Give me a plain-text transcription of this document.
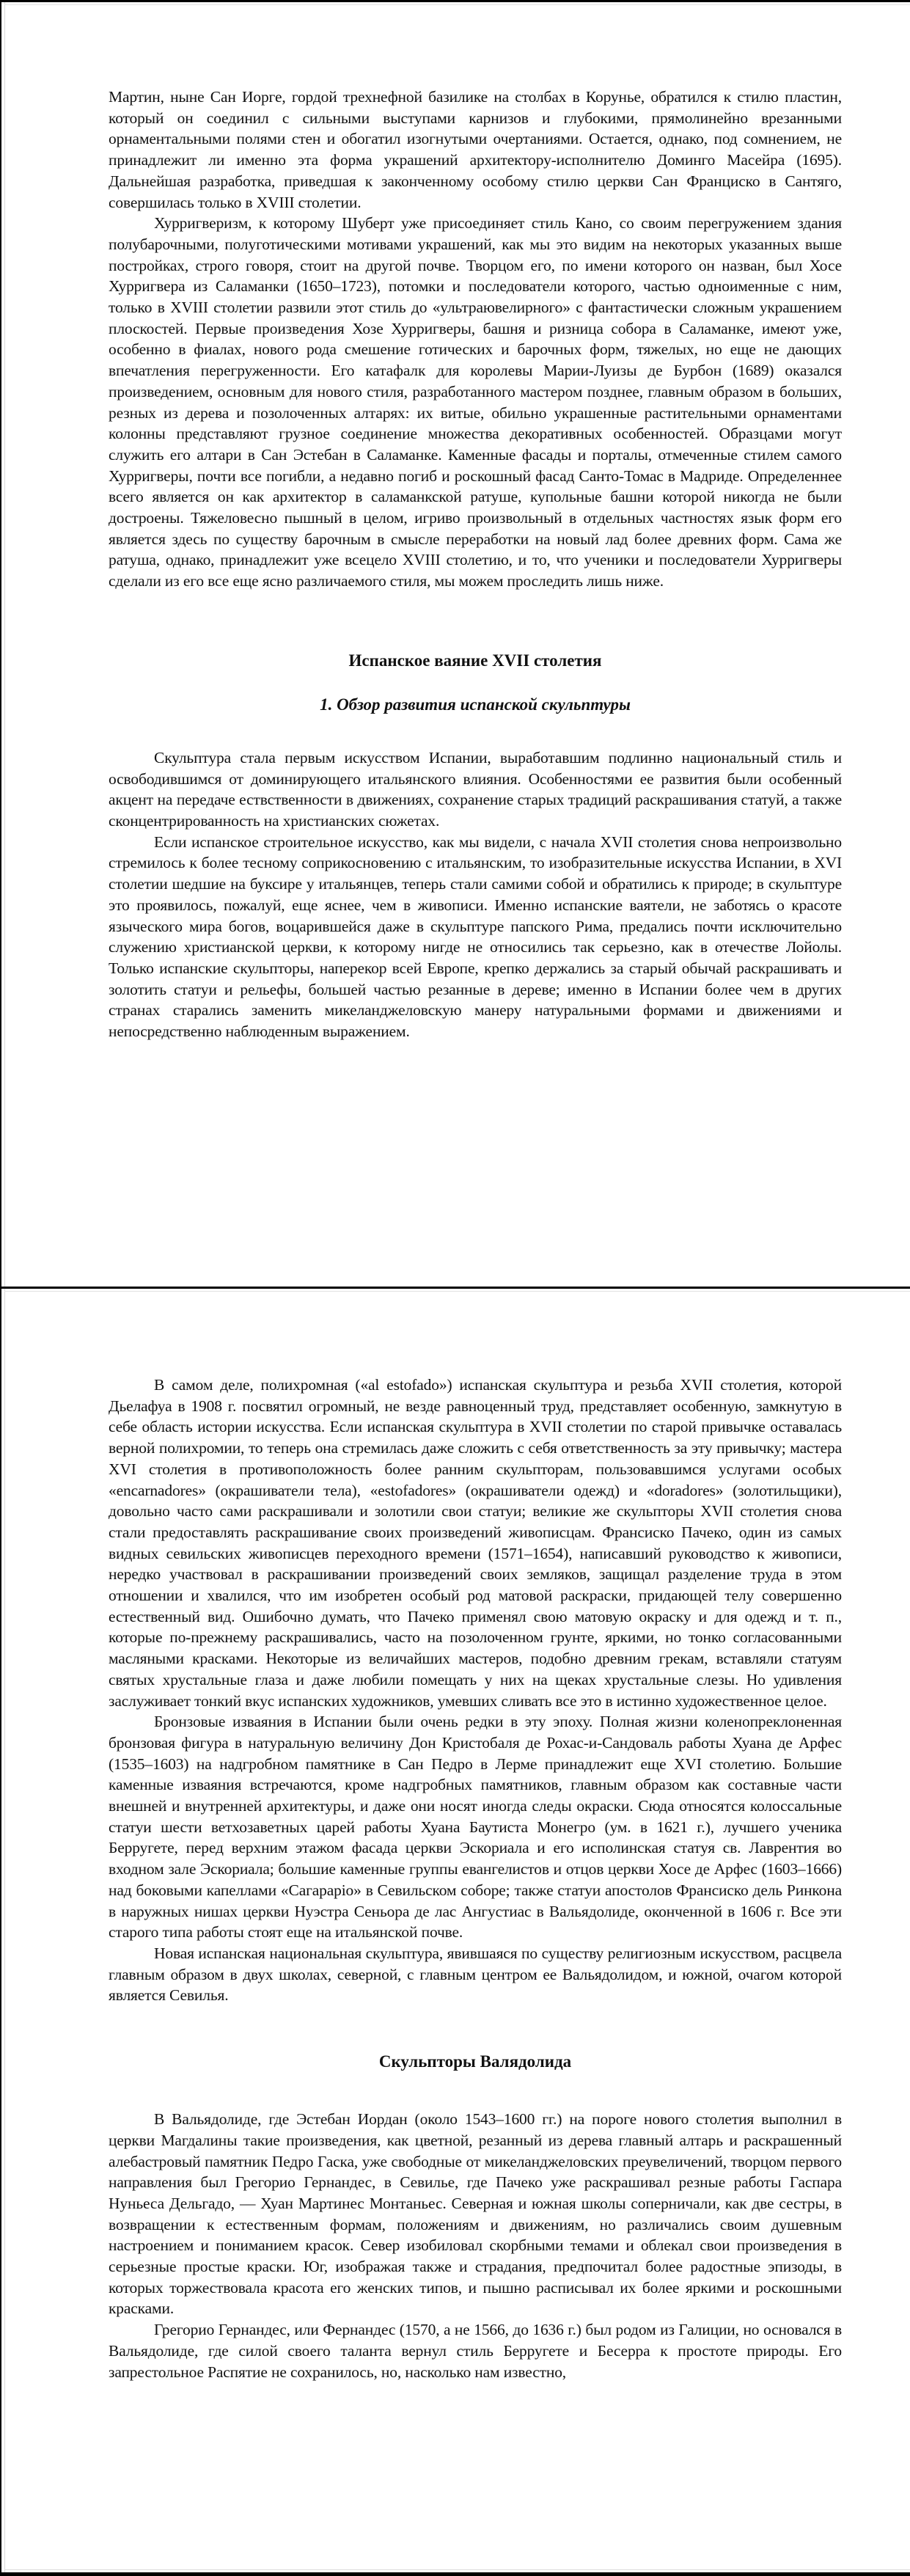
Мартин, ныне Сан Иорге, гордой трехнефной базилике на столбах в Корунье, обратился к стилю пластин, который он соединил с сильными выступами карнизов и глубокими, прямолинейно врезанными орнаментальными полями стен и обогатил изогнутыми очертаниями. Остается, однако, под сомнением, не принадлежит ли именно эта форма украшений архитектору-исполнителю Доминго Масейра (1695). Дальнейшая разработка, приведшая к законченному особому стилю церкви Сан Франциско в Сантяго, совершилась только в XVIII столетии.

Хурригверизм, к которому Шуберт уже присоединяет стиль Кано, со своим перегружением здания полубарочными, полуготическими мотивами украшений, как мы это видим на некоторых указанных выше постройках, строго говоря, стоит на другой почве. Творцом его, по имени которого он назван, был Хосе Хурригвера из Саламанки (1650–1723), потомки и последователи которого, частью одноименные с ним, только в XVIII столетии развили этот стиль до «ультраювелирного» с фантастически сложным украшением плоскостей. Первые произведения Хозе Хурригверы, башня и ризница собора в Саламанке, имеют уже, особенно в фиалах, нового рода смешение готических и барочных форм, тяжелых, но еще не дающих впечатления перегруженности. Его катафалк для королевы Марии-Луизы де Бурбон (1689) оказался произведением, основным для нового стиля, разработанного мастером позднее, главным образом в больших, резных из дерева и позолоченных алтарях: их витые, обильно украшенные растительными орнаментами колонны представляют грузное соединение множества декоративных особенностей. Образцами могут служить его алтари в Сан Эстебан в Саламанке. Каменные фасады и порталы, отмеченные стилем самого Хурригверы, почти все погибли, а недавно погиб и роскошный фасад Санто-Томас в Мадриде. Определеннее всего является он как архитектор в саламанкской ратуше, купольные башни которой никогда не были достроены. Тяжеловесно пышный в целом, игриво произвольный в отдельных частностях язык форм его является здесь по существу барочным в смысле переработки на новый лад более древних форм. Сама же ратуша, однако, принадлежит уже всецело XVIII столетию, и то, что ученики и последователи Хурригверы сделали из его все еще ясно различаемого стиля, мы можем проследить лишь ниже.

Испанское ваяние XVII столетия
1. Обзор развития испанской скульптуры

Скульптура стала первым искусством Испании, выработавшим подлинно национальный стиль и освободившимся от доминирующего итальянского влияния. Особенностями ее развития были особенный акцент на передаче ествственности в движениях, сохранение старых традиций раскрашивания статуй, а также сконцентрированность на христианских сюжетах.

Если испанское строительное искусство, как мы видели, с начала XVII столетия снова непроизвольно стремилось к более тесному соприкосновению с итальянским, то изобразительные искусства Испании, в XVI столетии шедшие на буксире у итальянцев, теперь стали самими собой и обратились к природе; в скульптуре это проявилось, пожалуй, еще яснее, чем в живописи. Именно испанские ваятели, не заботясь о красоте языческого мира богов, воцарившейся даже в скульптуре папского Рима, предались почти исключительно служению христианской церкви, к которому нигде не относились так серьезно, как в отечестве Лойолы. Только испанские скульпторы, наперекор всей Европе, крепко держались за старый обычай раскрашивать и золотить статуи и рельефы, большей частью резанные в дереве; именно в Испании более чем в других странах старались заменить микеланджеловскую манеру натуральными формами и движениями и непосредственно наблюденным выражением.

В самом деле, полихромная («al estofado») испанская скульптура и резьба XVII столетия, которой Дьелафуа в 1908 г. посвятил огромный, не везде равноценный труд, представляет особенную, замкнутую в себе область истории искусства. Если испанская скульптура в XVII столетии по старой привычке оставалась верной полихромии, то теперь она стремилась даже сложить с себя ответственность за эту привычку; мастера XVI столетия в противоположность более ранним скульпторам, пользовавшимся услугами особых «encarnadores» (окрашиватели тела), «estofadores» (окрашиватели одежд) и «doradores» (золотильщики), довольно часто сами раскрашивали и золотили свои статуи; великие же скульпторы XVII столетия снова стали предоставлять раскрашивание своих произведений живописцам. Франсиско Пачеко, один из самых видных севильских живописцев переходного времени (1571–1654), написавший руководство к живописи, нередко участвовал в раскрашивании произведений своих земляков, защищал разделение труда в этом отношении и хвалился, что им изобретен особый род матовой раскраски, придающей телу совершенно естественный вид. Ошибочно думать, что Пачеко применял свою матовую окраску и для одежд и т. п., которые по-прежнему раскрашивались, часто на позолоченном грунте, яркими, но тонко согласованными масляными красками. Некоторые из величайших мастеров, подобно древним грекам, вставляли статуям святых хрустальные глаза и даже любили помещать у них на щеках хрустальные слезы. Но удивления заслуживает тонкий вкус испанских художников, умевших сливать все это в истинно художественное целое.

Бронзовые изваяния в Испании были очень редки в эту эпоху. Полная жизни коленопреклоненная бронзовая фигура в натуральную величину Дон Кристобаля де Рохас-и-Сандоваль работы Хуана де Арфес (1535–1603) на надгробном памятнике в Сан Педро в Лерме принадлежит еще XVI столетию. Большие каменные изваяния встречаются, кроме надгробных памятников, главным образом как составные части внешней и внутренней архитектуры, и даже они носят иногда следы окраски. Сюда относятся колоссальные статуи шести ветхозаветных царей работы Хуана Баутиста Монегро (ум. в 1621 г.), лучшего ученика Берругете, перед верхним этажом фасада церкви Эскориала и его исполинская статуя св. Лаврентия во входном зале Эскориала; большие каменные группы евангелистов и отцов церкви Хосе де Арфес (1603–1666) над боковыми капеллами «Сагарарio» в Севильском соборе; также статуи апостолов Франсиско дель Ринкона в наружных нишах церкви Нуэстра Сеньора де лас Ангустиас в Вальядолиде, оконченной в 1606 г. Все эти старого типа работы стоят еще на итальянской почве.

Новая испанская национальная скульптура, явившаяся по существу религиозным искусством, расцвела главным образом в двух школах, северной, с главным центром ее Вальядолидом, и южной, очагом которой является Севилья.

Скульпторы Валядолида

В Вальядолиде, где Эстебан Иордан (около 1543–1600 гг.) на пороге нового столетия выполнил в церкви Магдалины такие произведения, как цветной, резанный из дерева главный алтарь и раскрашенный алебастровый памятник Педро Гаска, уже свободные от микеланджеловских преувеличений, творцом первого направления был Грегорио Гернандес, в Севилье, где Пачеко уже раскрашивал резные работы Гаспара Нуньеса Дельгадо, — Хуан Мартинес Монтаньес. Северная и южная школы соперничали, как две сестры, в возвращении к естественным формам, положениям и движениям, но различались своим душевным настроением и пониманием красок. Север изобиловал скорбными темами и облекал свои произведения в серьезные простые краски. Юг, изображая также и страдания, предпочитал более радостные эпизоды, в которых торжествовала красота его женских типов, и пышно расписывал их более яркими и роскошными красками.

Грегорио Гернандес, или Фернандес (1570, а не 1566, до 1636 г.) был родом из Галиции, но основался в Вальядолиде, где силой своего таланта вернул стиль Берругете и Бесерра к простоте природы. Его запрестольное Распятие не сохранилось, но, насколько нам известно,
